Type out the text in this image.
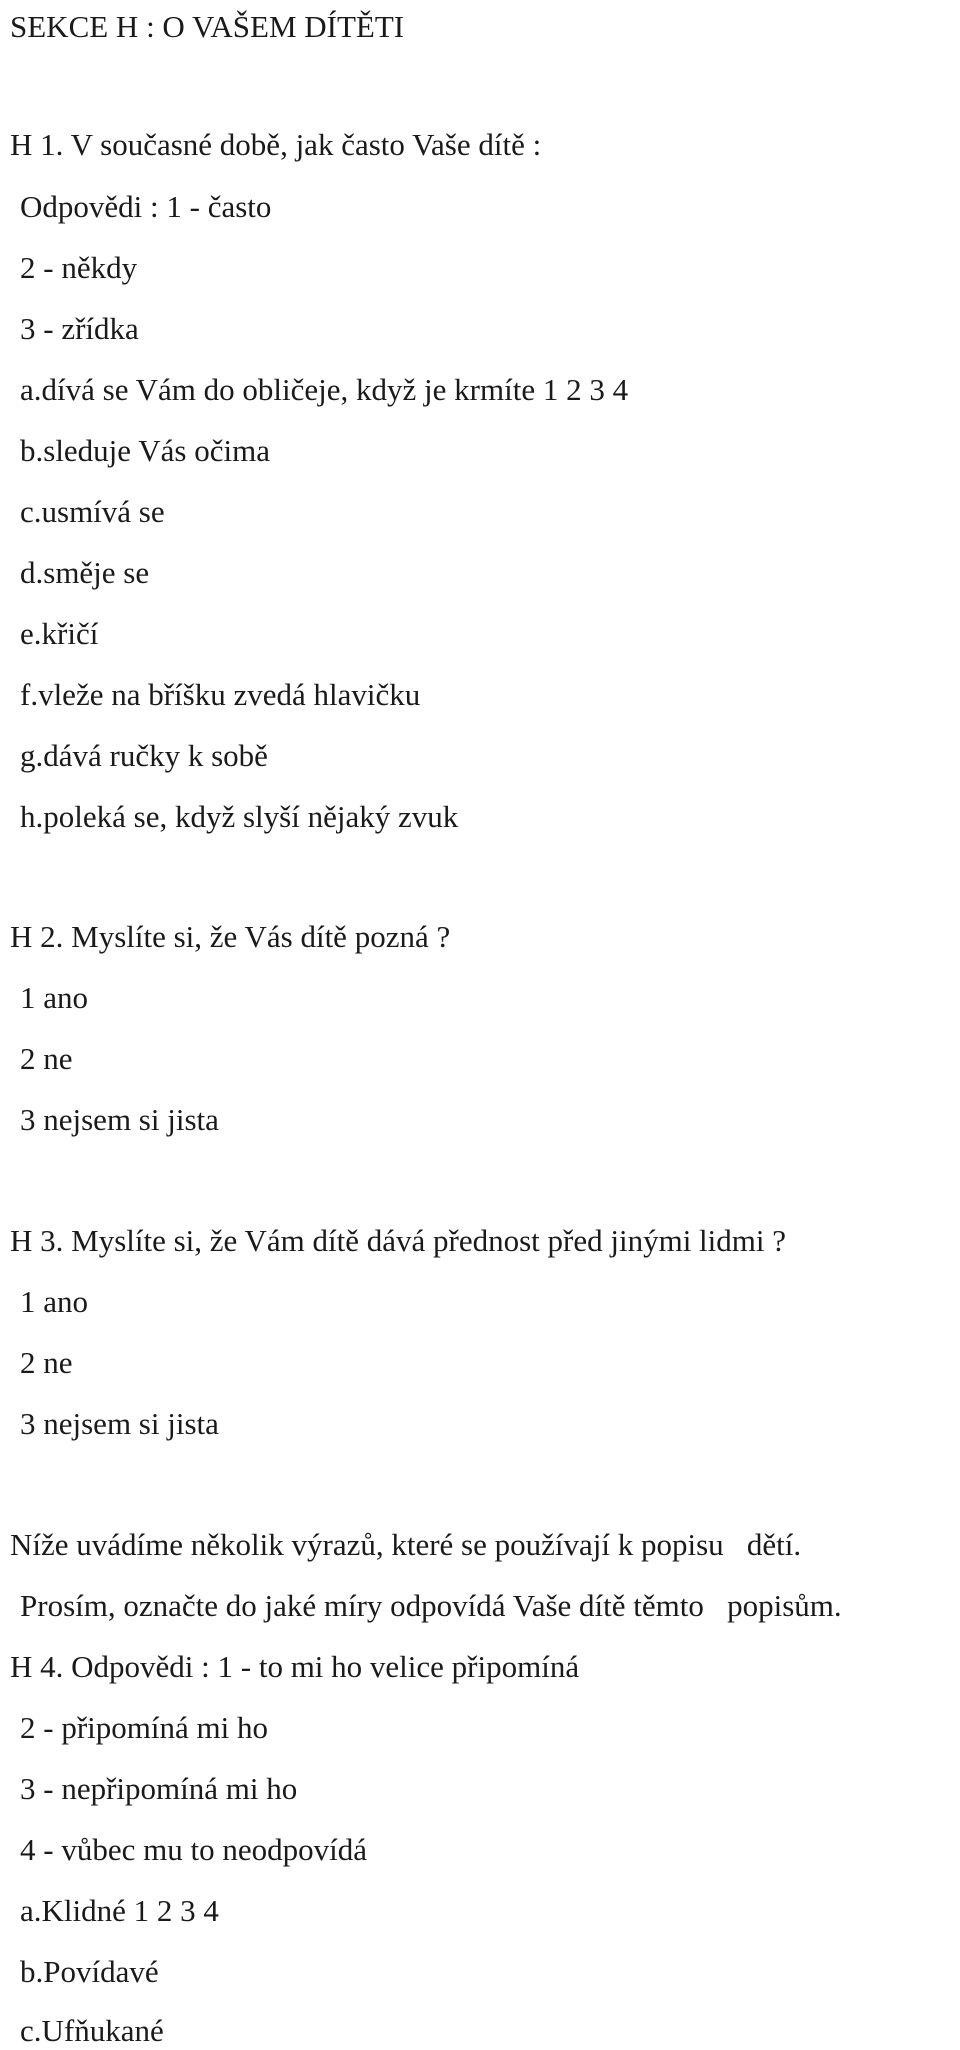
SEKCE H : O VAŠEM DÍTĚTI
H 1. V současné době, jak často Vaše dítě :
Odpovědi : 1 - často
2 - někdy
3 - zřídka
a.dívá se Vám do obličeje, když je krmíte 1 2 3 4
b.sleduje Vás očima
c.usmívá se
d.směje se
e.křičí
f.vleže na bříšku zvedá hlavičku
g.dává ručky k sobě
h.poleká se, když slyší nějaký zvuk
H 2. Myslíte si, že Vás dítě pozná ?
1 ano
2 ne
3 nejsem si jista
H 3. Myslíte si, že Vám dítě dává přednost před jinými lidmi ?
1 ano
2 ne
3 nejsem si jista
Níže uvádíme několik výrazů, které se používají k popisu   dětí.
Prosím, označte do jaké míry odpovídá Vaše dítě těmto   popisům.
H 4. Odpovědi : 1 - to mi ho velice připomíná
2 - připomíná mi ho
3 - nepřipomíná mi ho
4 - vůbec mu to neodpovídá
a.Klidné 1 2 3 4
b.Povídavé
c.Ufňukané
